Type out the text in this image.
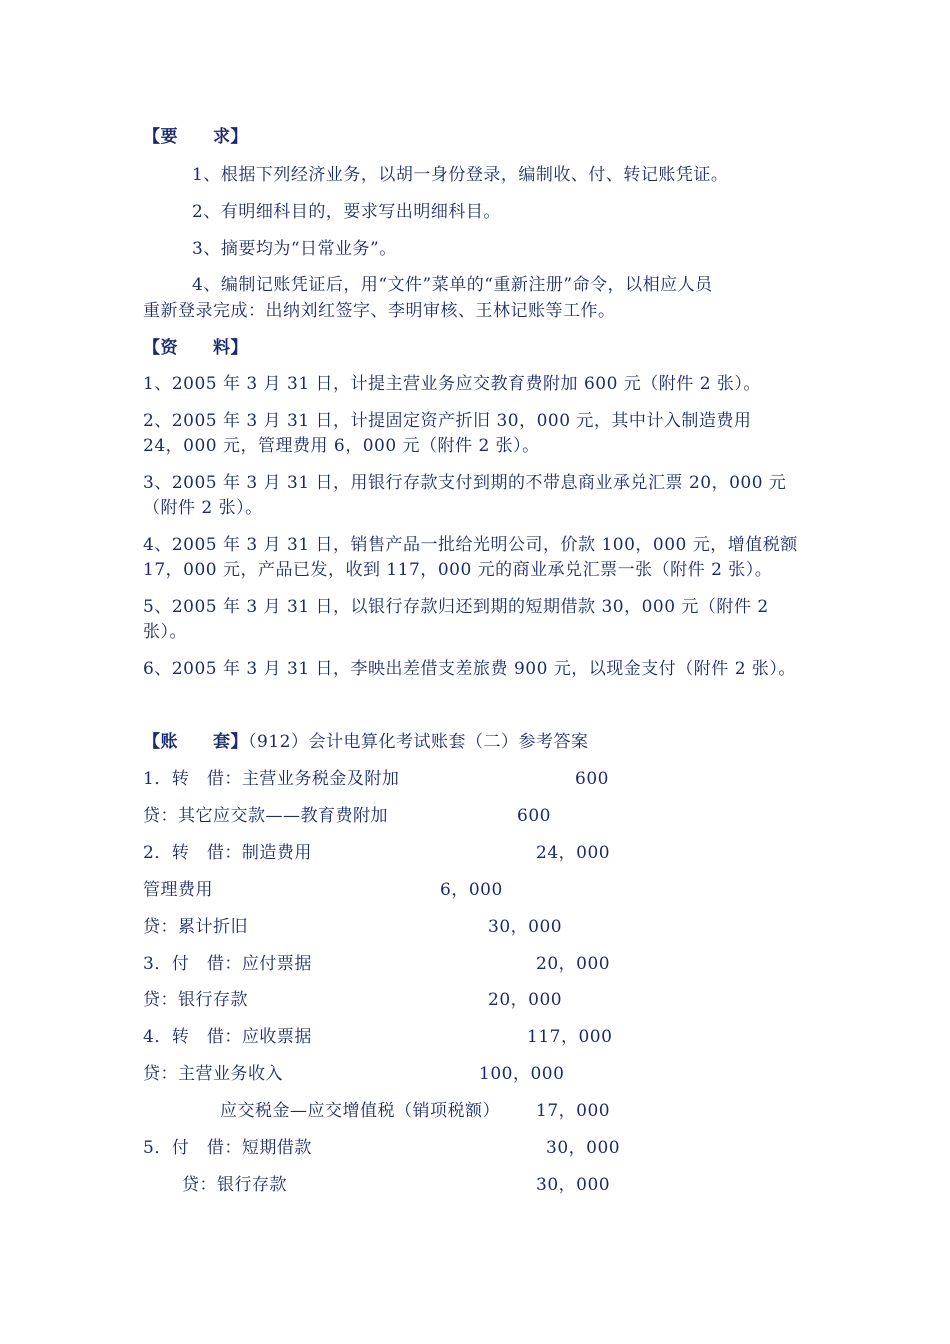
【要　　求】
1、根据下列经济业务，以胡一身份登录，编制收、付、转记账凭证。
2、有明细科目的，要求写出明细科目。
3、摘要均为“日常业务”。
4、编制记账凭证后，用“文件”菜单的“重新注册”命令，以相应人员
重新登录完成：出纳刘红签字、李明审核、王林记账等工作。
【资　　料】
1、2005 年 3 月 31 日，计提主营业务应交教育费附加 600 元（附件 2 张）。
2、2005 年 3 月 31 日，计提固定资产折旧 30，000 元，其中计入制造费用
24，000 元，管理费用 6，000 元（附件 2 张）。
3、2005 年 3 月 31 日，用银行存款支付到期的不带息商业承兑汇票 20，000 元
（附件 2 张）。
4、2005 年 3 月 31 日，销售产品一批给光明公司，价款 100，000 元，增值税额
17，000 元，产品已发，收到 117，000 元的商业承兑汇票一张（附件 2 张）。
5、2005 年 3 月 31 日，以银行存款归还到期的短期借款 30，000 元（附件 2
张）。
6、2005 年 3 月 31 日，李映出差借支差旅费 900 元，以现金支付（附件 2 张）。
【账　　套】（912）会计电算化考试账套（二）参考答案
1．转　借：主营业务税金及附加	600
贷：其它应交款——教育费附加	600
2．转　借：制造费用	24，000
管理费用	6，000
贷：累计折旧	30，000
3．付　借：应付票据	20，000
贷：银行存款	20，000
4．转　借：应收票据	117，000
贷：主营业务收入	100，000
应交税金—应交增值税（销项税额） 17，000
5．付　借：短期借款	30，000
贷：银行存款	30，000
